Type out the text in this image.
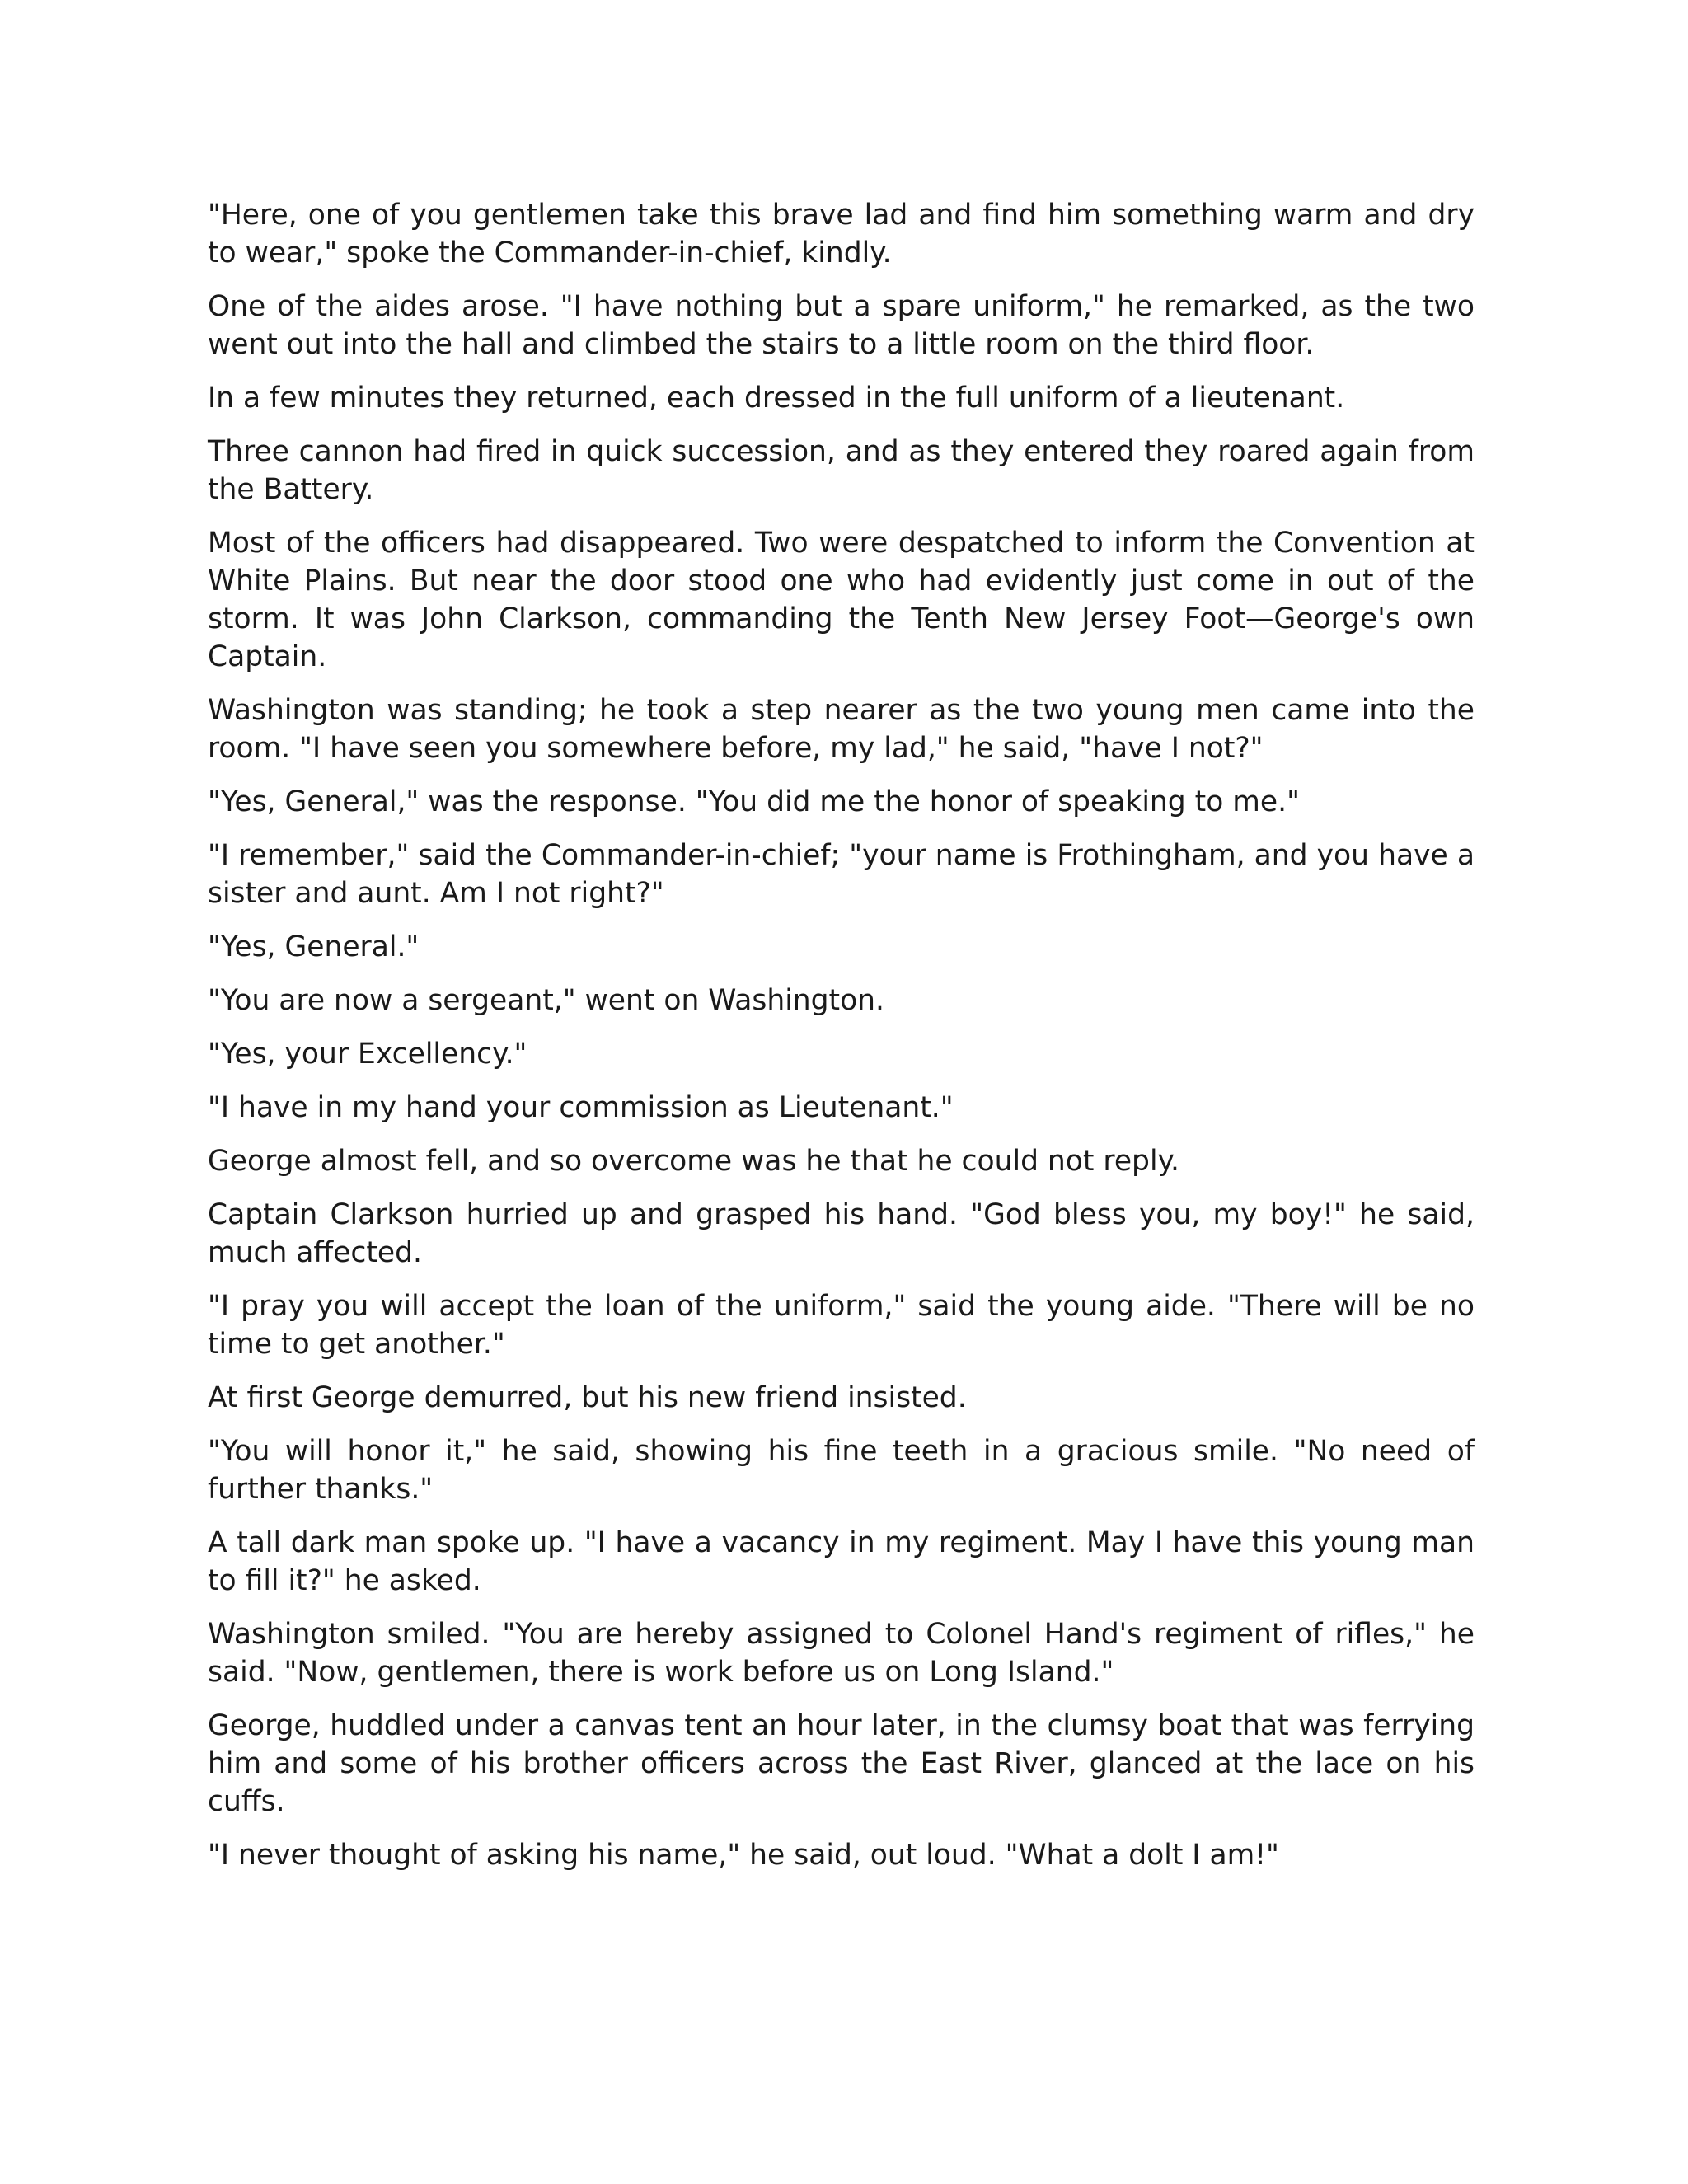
"Here, one of you gentlemen take this brave lad and find him something warm and dry to wear," spoke the Commander-in-chief, kindly.

One of the aides arose. "I have nothing but a spare uniform," he remarked, as the two went out into the hall and climbed the stairs to a little room on the third floor.

In a few minutes they returned, each dressed in the full uniform of a lieutenant.

Three cannon had fired in quick succession, and as they entered they roared again from the Battery.

Most of the officers had disappeared. Two were despatched to inform the Convention at White Plains. But near the door stood one who had evidently just come in out of the storm. It was John Clarkson, commanding the Tenth New Jersey Foot—George's own Captain.

Washington was standing; he took a step nearer as the two young men came into the room. "I have seen you somewhere before, my lad," he said, "have I not?"

"Yes, General," was the response. "You did me the honor of speaking to me."

"I remember," said the Commander-in-chief; "your name is Frothingham, and you have a sister and aunt. Am I not right?"

"Yes, General."

"You are now a sergeant," went on Washington.

"Yes, your Excellency."

"I have in my hand your commission as Lieutenant."

George almost fell, and so overcome was he that he could not reply.

Captain Clarkson hurried up and grasped his hand. "God bless you, my boy!" he said, much affected.

"I pray you will accept the loan of the uniform," said the young aide. "There will be no time to get another."

At first George demurred, but his new friend insisted.

"You will honor it," he said, showing his fine teeth in a gracious smile. "No need of further thanks."

A tall dark man spoke up. "I have a vacancy in my regiment. May I have this young man to fill it?" he asked.

Washington smiled. "You are hereby assigned to Colonel Hand's regiment of rifles," he said. "Now, gentlemen, there is work before us on Long Island."

George, huddled under a canvas tent an hour later, in the clumsy boat that was ferrying him and some of his brother officers across the East River, glanced at the lace on his cuffs.

"I never thought of asking his name," he said, out loud. "What a dolt I am!"
